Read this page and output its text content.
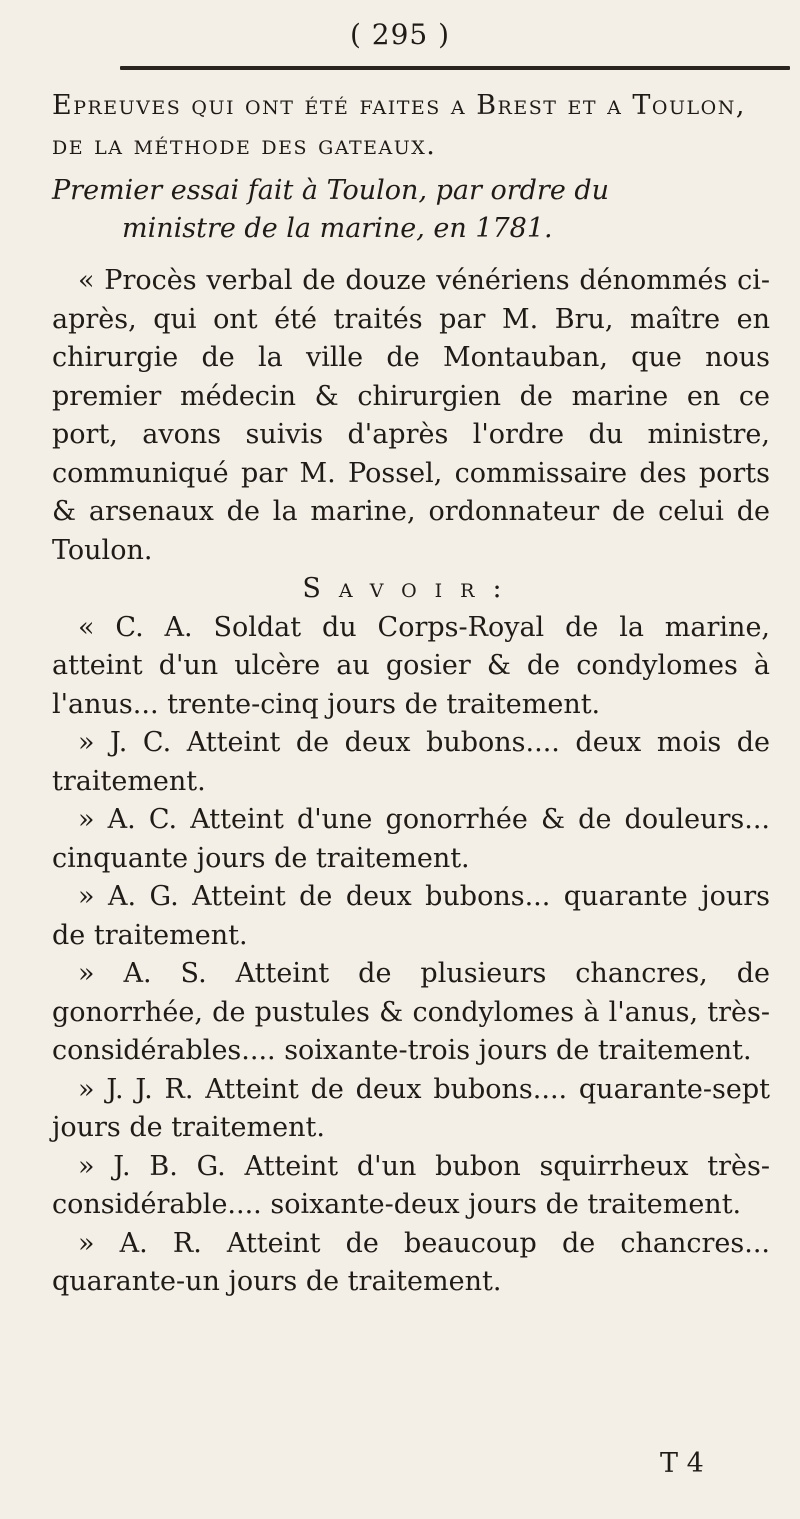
( 295 )

Epreuves qui ont été faites a Brest et a Toulon, de la méthode des gateaux.

Premier essai fait à Toulon, par ordre du
ministre de la marine, en 1781.

« Procès verbal de douze vénériens dénommés ci-après, qui ont été traités par M. Bru, maître en chirurgie de la ville de Montauban, que nous premier médecin & chirurgien de marine en ce port, avons suivis d'après l'ordre du ministre, communiqué par M. Possel, commissaire des ports & arsenaux de la marine, ordonnateur de celui de Toulon.

Savoir:

« C. A. Soldat du Corps-Royal de la marine, atteint d'un ulcère au gosier & de condylomes à l'anus... trente-cinq jours de traitement.

» J. C. Atteint de deux bubons.... deux mois de traitement.

» A. C. Atteint d'une gonorrhée & de douleurs... cinquante jours de traitement.

» A. G. Atteint de deux bubons... quarante jours de traitement.

» A. S. Atteint de plusieurs chancres, de gonorrhée, de pustules & condylomes à l'anus, très-considérables.... soixante-trois jours de traitement.

» J. J. R. Atteint de deux bubons.... quarante-sept jours de traitement.

» J. B. G. Atteint d'un bubon squirrheux très-considérable.... soixante-deux jours de traitement.

» A. R. Atteint de beaucoup de chancres... quarante-un jours de traitement.

T 4
